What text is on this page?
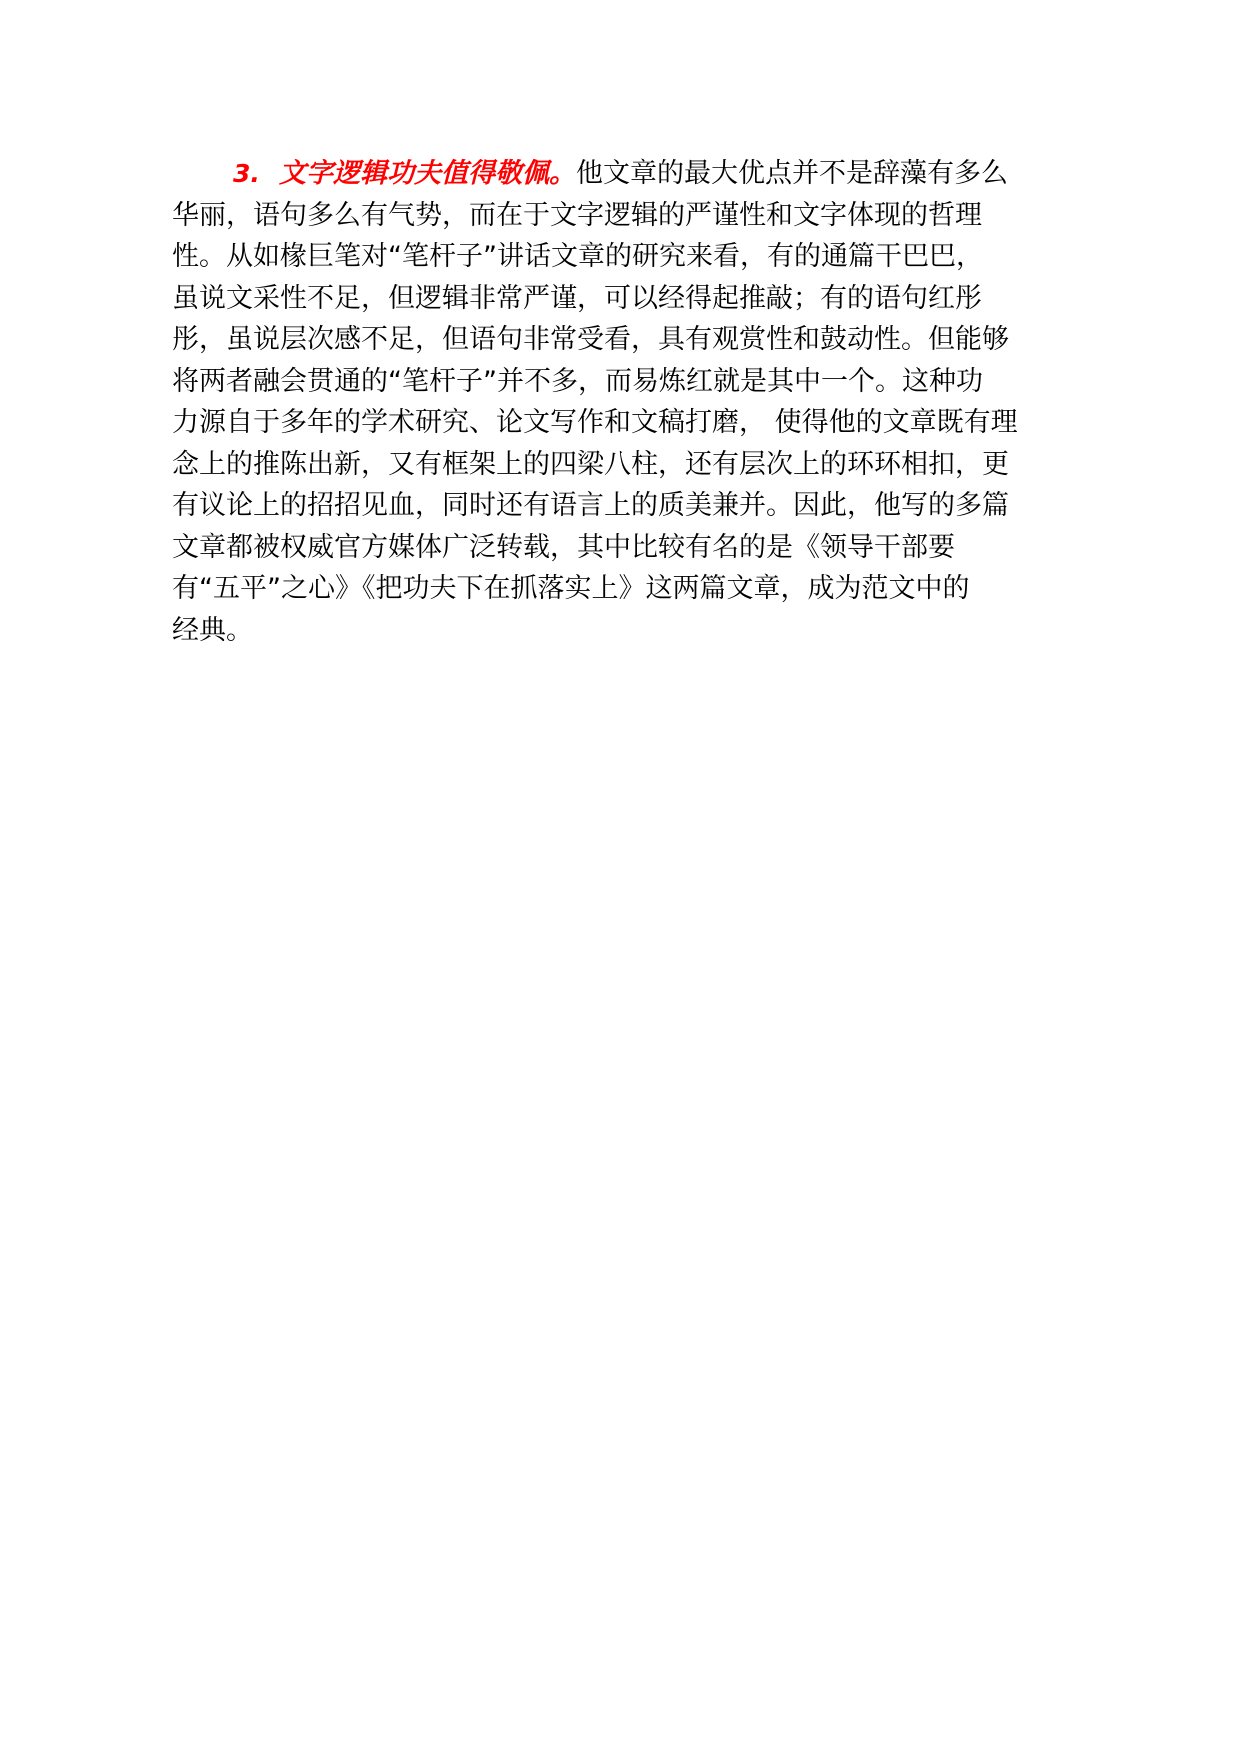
3. 文字逻辑功夫值得敬佩。他文章的最大优点并不是辞藻有多么
华丽，语句多么有气势，而在于文字逻辑的严谨性和文字体现的哲理
性。从如椽巨笔对“笔杆子”讲话文章的研究来看，有的通篇干巴巴，
虽说文采性不足，但逻辑非常严谨，可以经得起推敲；有的语句红彤
彤，虽说层次感不足，但语句非常受看，具有观赏性和鼓动性。但能够
将两者融会贯通的“笔杆子”并不多，而易炼红就是其中一个。这种功
力源自于多年的学术研究、论文写作和文稿打磨， 使得他的文章既有理
念上的推陈出新，又有框架上的四梁八柱，还有层次上的环环相扣，更
有议论上的招招见血，同时还有语言上的质美兼并。因此，他写的多篇
文章都被权威官方媒体广泛转载，其中比较有名的是《领导干部要
有“五平”之心》《把功夫下在抓落实上》这两篇文章，成为范文中的
经典。
